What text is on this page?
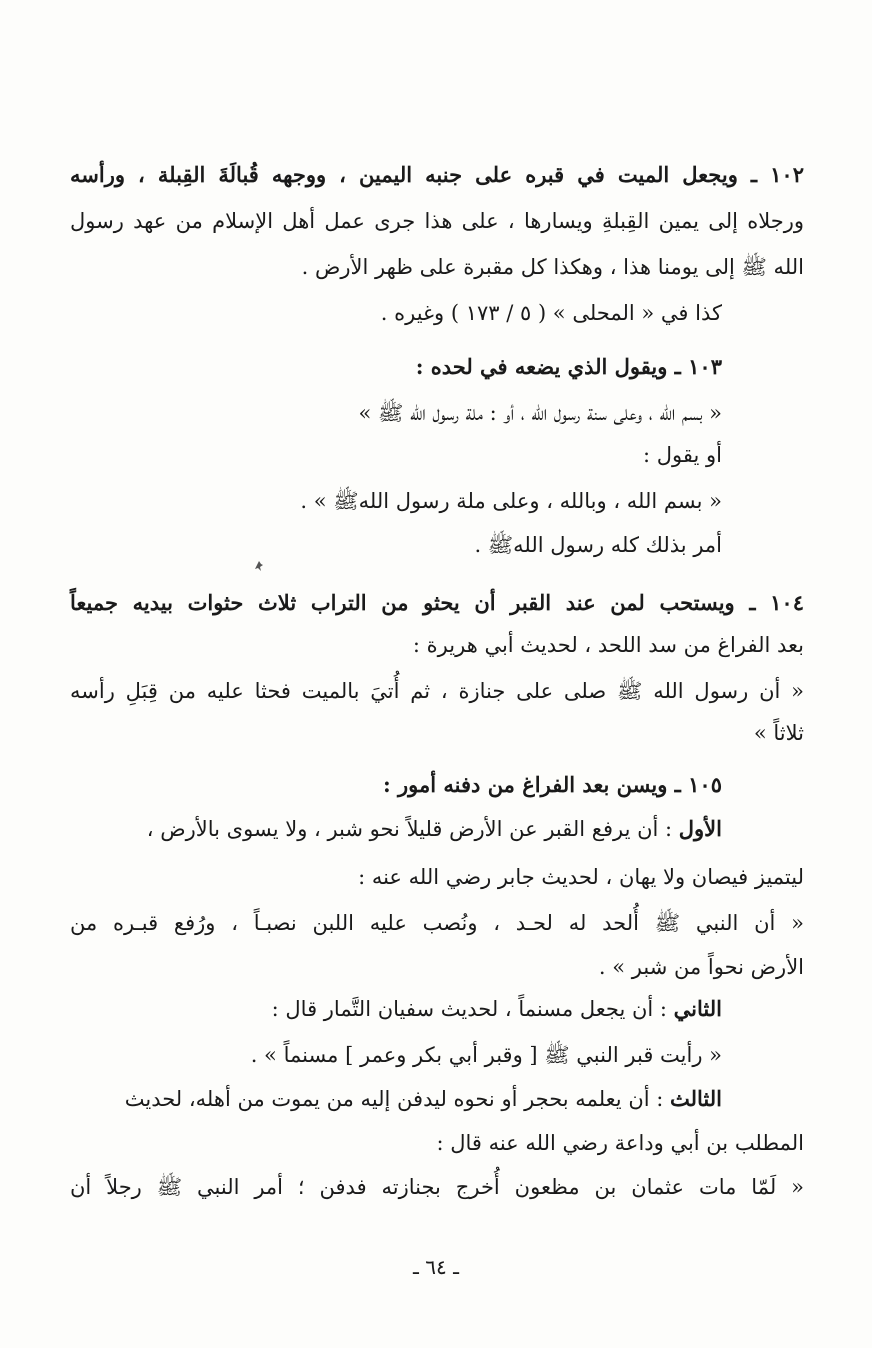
١٠٢ ـ ويجعل الميت في قبره على جنبه اليمين ، ووجهه قُبالَةَ القِبلة ، ورأسه
ورجلاه إلى يمين القِبلةِ ويسارها ، على هذا جرى عمل أهل الإسلام من عهد رسول
الله ﷺ إلى يومنا هذا ، وهكذا كل مقبرة على ظهر الأرض .
كذا في « المحلى » ( ٥ / ١٧٣ ) وغيره .
١٠٣ ـ ويقول الذي يضعه في لحده :
« بسم الله ، وعلى سنة رسول الله ، أو : ملة رسول الله ﷺ »
أو يقول :
« بسم الله ، وبالله ، وعلى ملة رسول اللهﷺ » .
أمر بذلك كله رسول اللهﷺ .
١٠٤ ـ ويستحب لمن عند القبر أن يحثو من التراب ثلاث حثوات بيديه جميعاً
بعد الفراغ من سد اللحد ، لحديث أبي هريرة :
« أن رسول الله ﷺ صلى على جنازة ، ثم أُتيَ بالميت فحثا عليه من قِبَلِ رأسه
ثلاثاً »
١٠٥ ـ ويسن بعد الفراغ من دفنه أمور :
الأول : أن يرفع القبر عن الأرض قليلاً نحو شبر ، ولا يسوى بالأرض ،
ليتميز فيصان ولا يهان ، لحديث جابر رضي الله عنه :
« أن النبي ﷺ أُلحد له لحـد ، ونُصب عليه اللبن نصبـاً ، ورُفع قبـره من
الأرض نحواً من شبر » .
الثاني : أن يجعل مسنماً ، لحديث سفيان التَّمار قال :
« رأيت قبر النبي ﷺ [ وقبر أبي بكر وعمر ] مسنماً » .
الثالث : أن يعلمه بحجر أو نحوه ليدفن إليه من يموت من أهله، لحديث
المطلب بن أبي وداعة رضي الله عنه قال :
« لَمّا مات عثمان بن مظعون أُخرج بجنازته فدفن ؛ أمر النبي ﷺ رجلاً أن
ـ ٦٤ ـ
